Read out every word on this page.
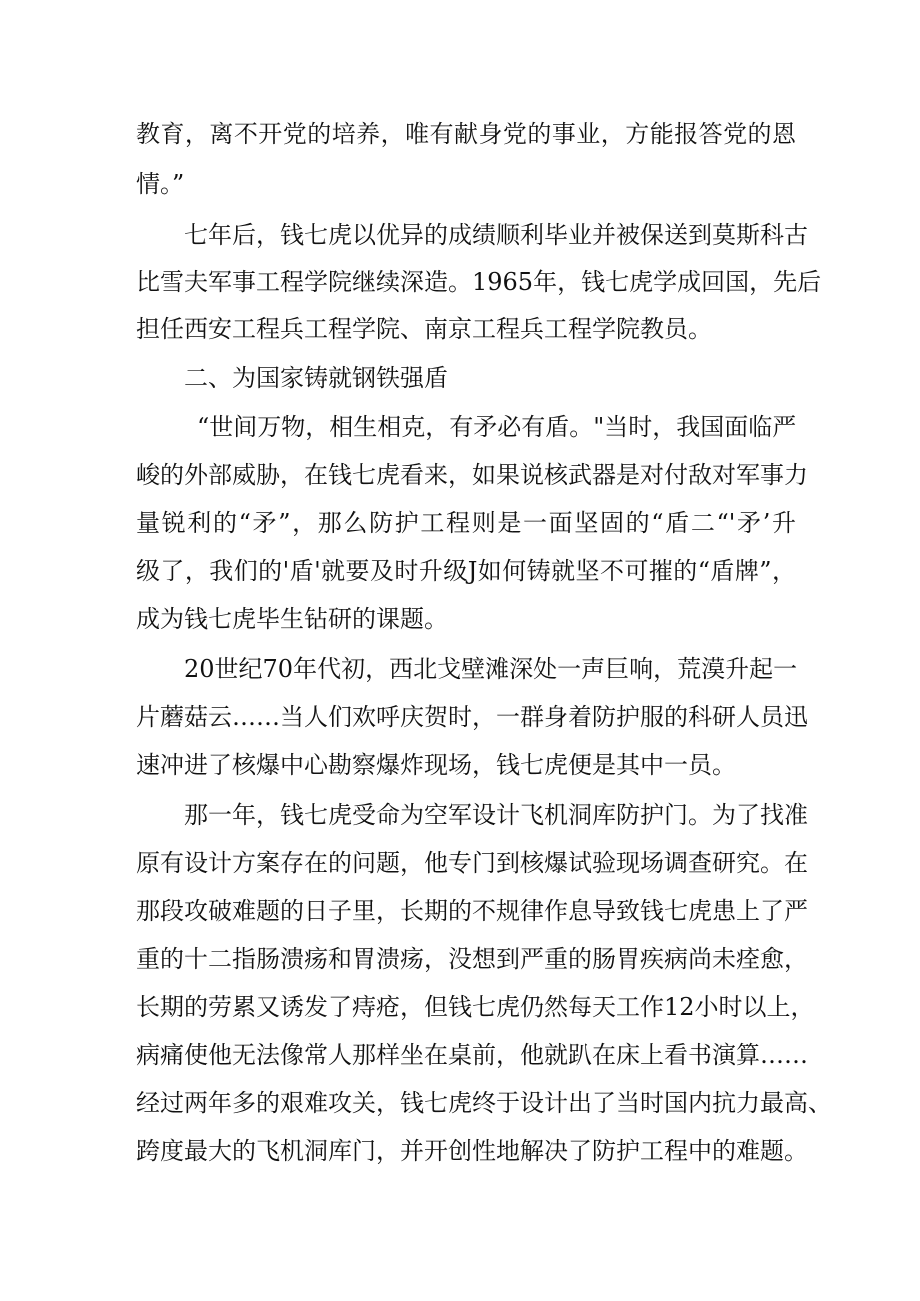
教育，离不开党的培养，唯有献身党的事业，方能报答党的恩
情。”
七年后，钱七虎以优异的成绩顺利毕业并被保送到莫斯科古
比雪夫军事工程学院继续深造。1965年，钱七虎学成回国，先后
担任西安工程兵工程学院、南京工程兵工程学院教员。
二、为国家铸就钢铁强盾
“世间万物，相生相克，有矛必有盾。"当时，我国面临严
峻的外部威胁，在钱七虎看来，如果说核武器是对付敌对军事力
量锐利的“矛”，那么防护工程则是一面坚固的“盾二“'矛’升
级了，我们的'盾'就要及时升级J如何铸就坚不可摧的“盾牌”，
成为钱七虎毕生钻研的课题。
20世纪70年代初，西北戈壁滩深处一声巨响，荒漠升起一
片蘑菇云……当人们欢呼庆贺时，一群身着防护服的科研人员迅
速冲进了核爆中心勘察爆炸现场，钱七虎便是其中一员。
那一年，钱七虎受命为空军设计飞机洞库防护门。为了找准
原有设计方案存在的问题，他专门到核爆试验现场调查研究。在
那段攻破难题的日子里，长期的不规律作息导致钱七虎患上了严
重的十二指肠溃疡和胃溃疡，没想到严重的肠胃疾病尚未痊愈，
长期的劳累又诱发了痔疮，但钱七虎仍然每天工作12小时以上，
病痛使他无法像常人那样坐在桌前，他就趴在床上看书演算……
经过两年多的艰难攻关，钱七虎终于设计出了当时国内抗力最高、
跨度最大的飞机洞库门，并开创性地解决了防护工程中的难题。
